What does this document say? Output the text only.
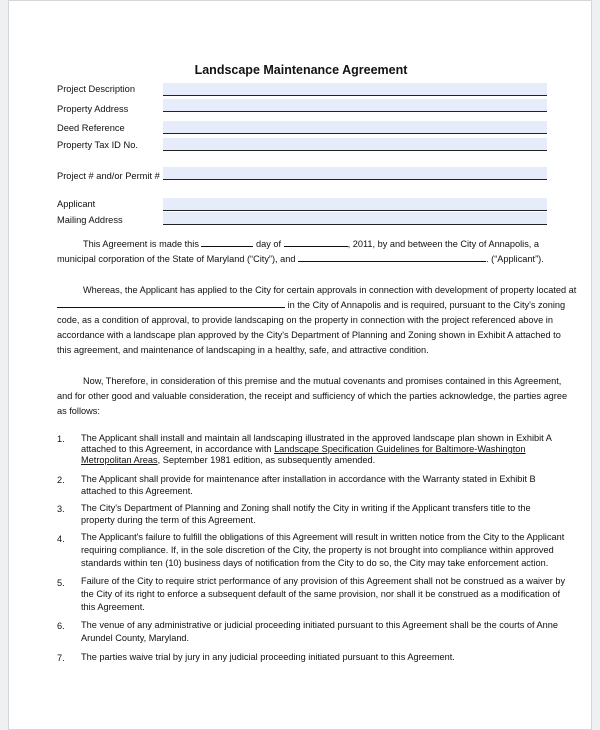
Landscape Maintenance Agreement
Project Description
Property Address
Deed Reference
Property Tax ID No.
Project # and/or Permit #
Applicant
Mailing Address
This Agreement is made this	day of	, 2011, by and between the City of Annapolis, a
municipal corporation of the State of Maryland (“City”), and	. (“Applicant”).
Whereas, the Applicant has applied to the City for certain approvals in connection with development of property located at
in the City of Annapolis and is required, pursuant to the City's zoning
code, as a condition of approval, to provide landscaping on the property in connection with the project referenced above in
accordance with a landscape plan approved by the City's Department of Planning and Zoning shown in Exhibit A attached to
this agreement, and maintenance of landscaping in a healthy, safe, and attractive condition.
Now, Therefore, in consideration of this premise and the mutual covenants and promises contained in this Agreement,
and for other good and valuable consideration, the receipt and sufficiency of which the parties acknowledge, the parties agree
as follows:
1. The Applicant shall install and maintain all landscaping illustrated in the approved landscape plan shown in Exhibit A
attached to this Agreement, in accordance with Landscape Specification Guidelines for Baltimore-Washington
Metropolitan Areas, September 1981 edition, as subsequently amended.
2. The Applicant shall provide for maintenance after installation in accordance with the Warranty stated in Exhibit B
attached to this Agreement.
3. The City's Department of Planning and Zoning shall notify the City in writing if the Applicant transfers title to the
property during the term of this Agreement.
4. The Applicant's failure to fulfill the obligations of this Agreement will result in written notice from the City to the Applicant
requiring compliance. If, in the sole discretion of the City, the property is not brought into compliance within approved
standards within ten (10) business days of notification from the City to do so, the City may take enforcement action.
5. Failure of the City to require strict performance of any provision of this Agreement shall not be construed as a waiver by
the City of its right to enforce a subsequent default of the same provision, nor shall it be construed as a modification of
this Agreement.
6. The venue of any administrative or judicial proceeding initiated pursuant to this Agreement shall be the courts of Anne
Arundel County, Maryland.
7. The parties waive trial by jury in any judicial proceeding initiated pursuant to this Agreement.
